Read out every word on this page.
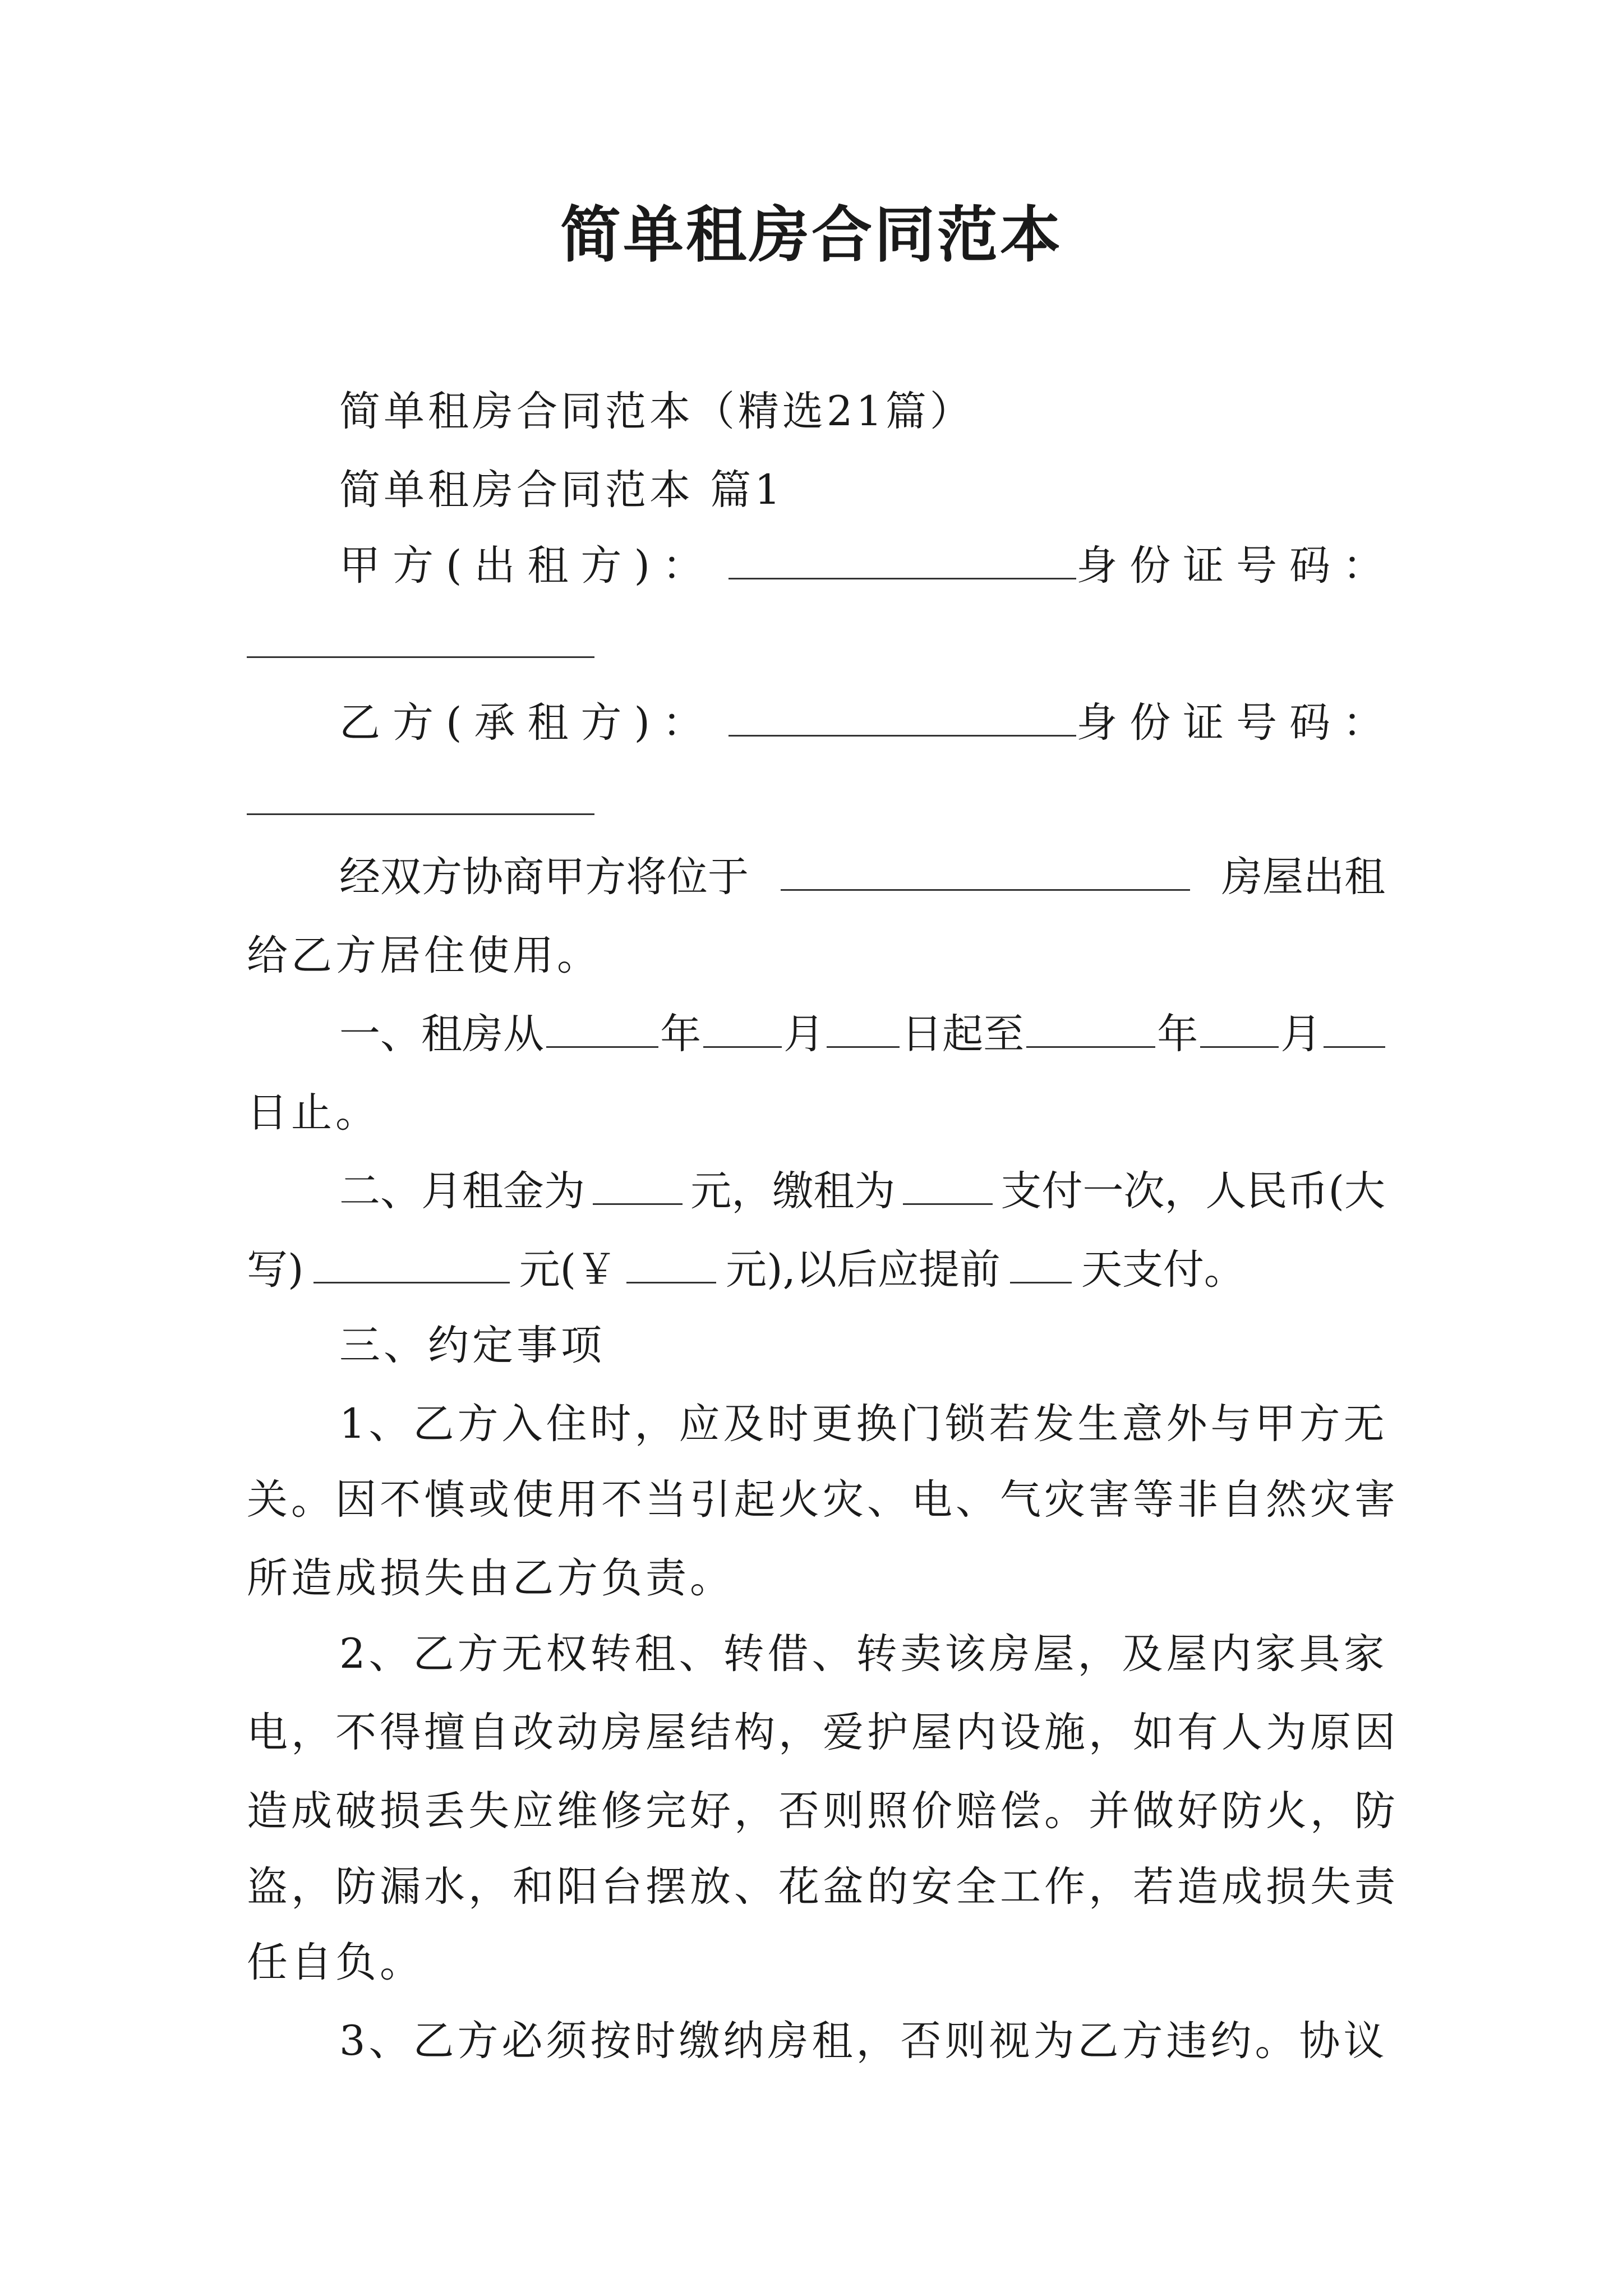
简单租房合同范本
简单租房合同范本（精选21篇）
简单租房合同范本 篇1
甲方(出租方)：	身份证号码：
乙方(承租方)：	身份证号码：
经双方协商甲方将位于	房屋出租
给乙方居住使用。
一、租房从	年 月 日起至	年 月
日止。
二、月租金为	元，缴租为	支付一次，人民币(大
写)	元(￥	元),以后应提前 天支付。
三、约定事项
1、乙方入住时，应及时更换门锁若发生意外与甲方无
关。因不慎或使用不当引起火灾、电、气灾害等非自然灾害
所造成损失由乙方负责。
2、乙方无权转租、转借、转卖该房屋，及屋内家具家
电，不得擅自改动房屋结构，爱护屋内设施，如有人为原因
造成破损丢失应维修完好，否则照价赔偿。并做好防火，防
盗，防漏水，和阳台摆放、花盆的安全工作，若造成损失责
任自负。
3、乙方必须按时缴纳房租，否则视为乙方违约。协议
